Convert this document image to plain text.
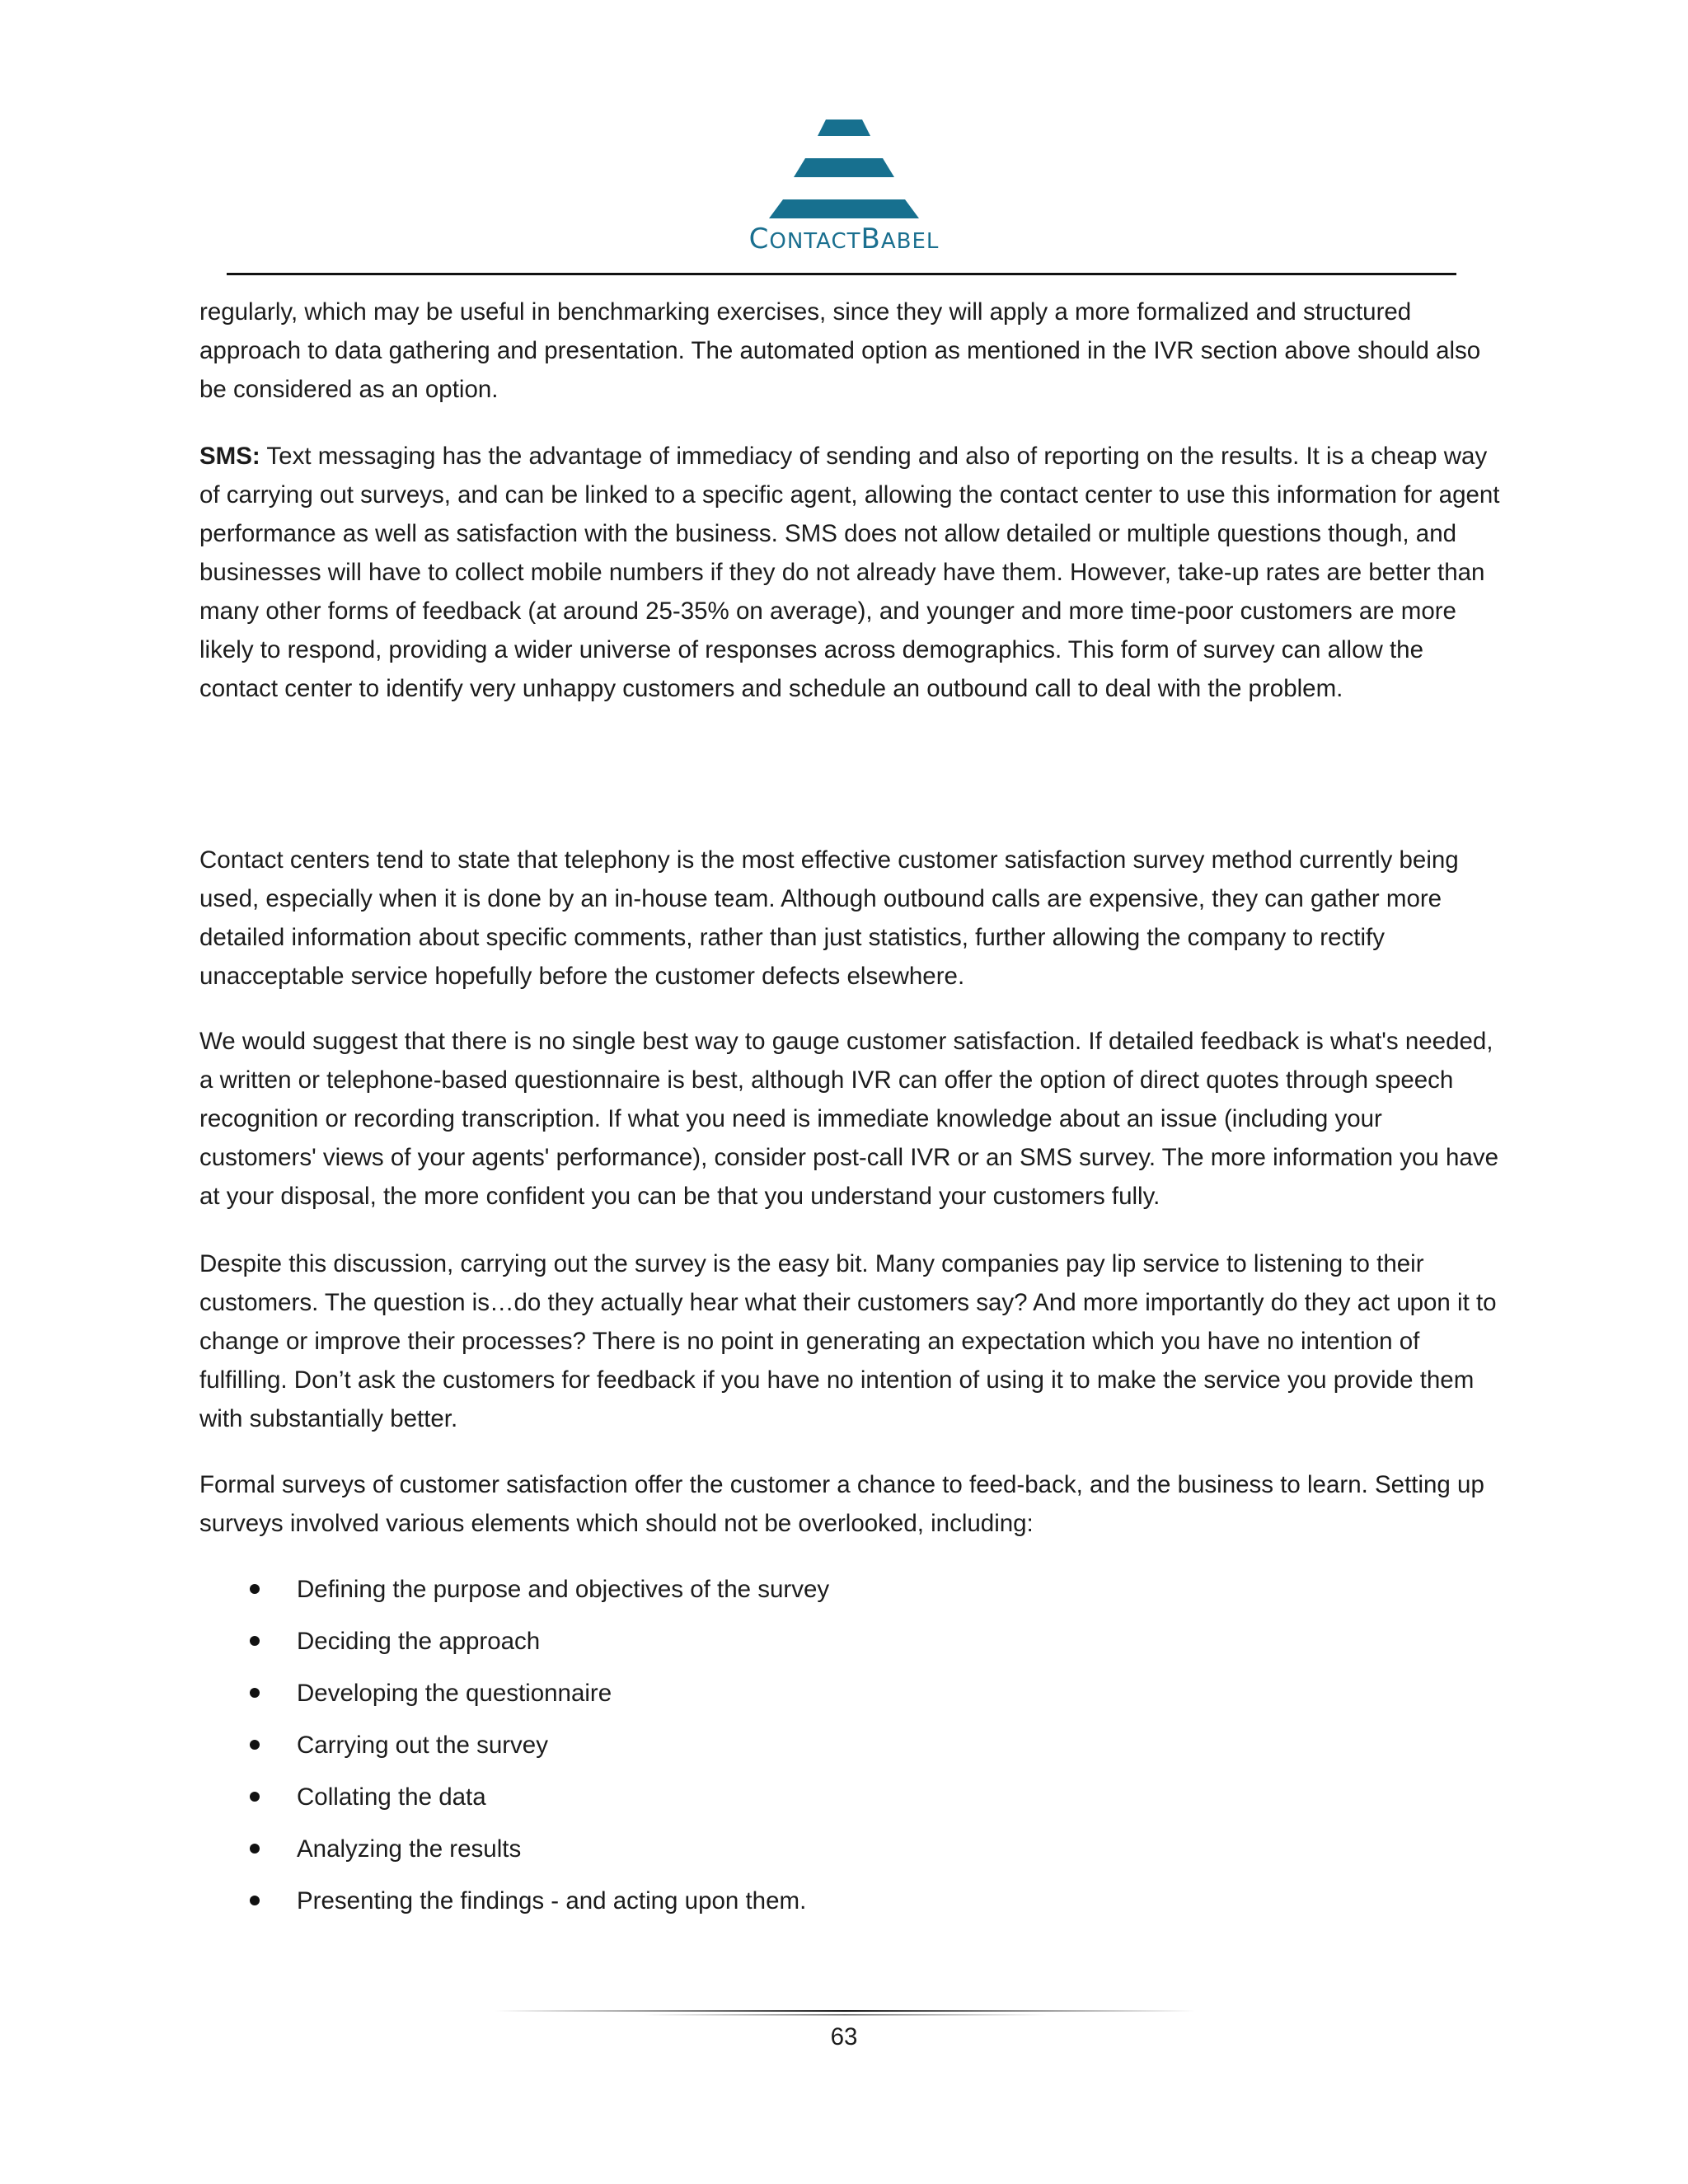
CONTACTBABEL

regularly, which may be useful in benchmarking exercises, since they will apply a more formalized and structured approach to data gathering and presentation. The automated option as mentioned in the IVR section above should also be considered as an option.

SMS: Text messaging has the advantage of immediacy of sending and also of reporting on the results. It is a cheap way of carrying out surveys, and can be linked to a specific agent, allowing the contact center to use this information for agent performance as well as satisfaction with the business. SMS does not allow detailed or multiple questions though, and businesses will have to collect mobile numbers if they do not already have them. However, take-up rates are better than many other forms of feedback (at around 25-35% on average), and younger and more time-poor customers are more likely to respond, providing a wider universe of responses across demographics. This form of survey can allow the contact center to identify very unhappy customers and schedule an outbound call to deal with the problem.

Contact centers tend to state that telephony is the most effective customer satisfaction survey method currently being used, especially when it is done by an in-house team. Although outbound calls are expensive, they can gather more detailed information about specific comments, rather than just statistics, further allowing the company to rectify unacceptable service hopefully before the customer defects elsewhere.

We would suggest that there is no single best way to gauge customer satisfaction. If detailed feedback is what's needed, a written or telephone-based questionnaire is best, although IVR can offer the option of direct quotes through speech recognition or recording transcription. If what you need is immediate knowledge about an issue (including your customers' views of your agents' performance), consider post-call IVR or an SMS survey. The more information you have at your disposal, the more confident you can be that you understand your customers fully.

Despite this discussion, carrying out the survey is the easy bit. Many companies pay lip service to listening to their customers. The question is…do they actually hear what their customers say? And more importantly do they act upon it to change or improve their processes? There is no point in generating an expectation which you have no intention of fulfilling. Don’t ask the customers for feedback if you have no intention of using it to make the service you provide them with substantially better.

Formal surveys of customer satisfaction offer the customer a chance to feed-back, and the business to learn. Setting up surveys involved various elements which should not be overlooked, including:

Defining the purpose and objectives of the survey
Deciding the approach
Developing the questionnaire
Carrying out the survey
Collating the data
Analyzing the results
Presenting the findings - and acting upon them.
63
